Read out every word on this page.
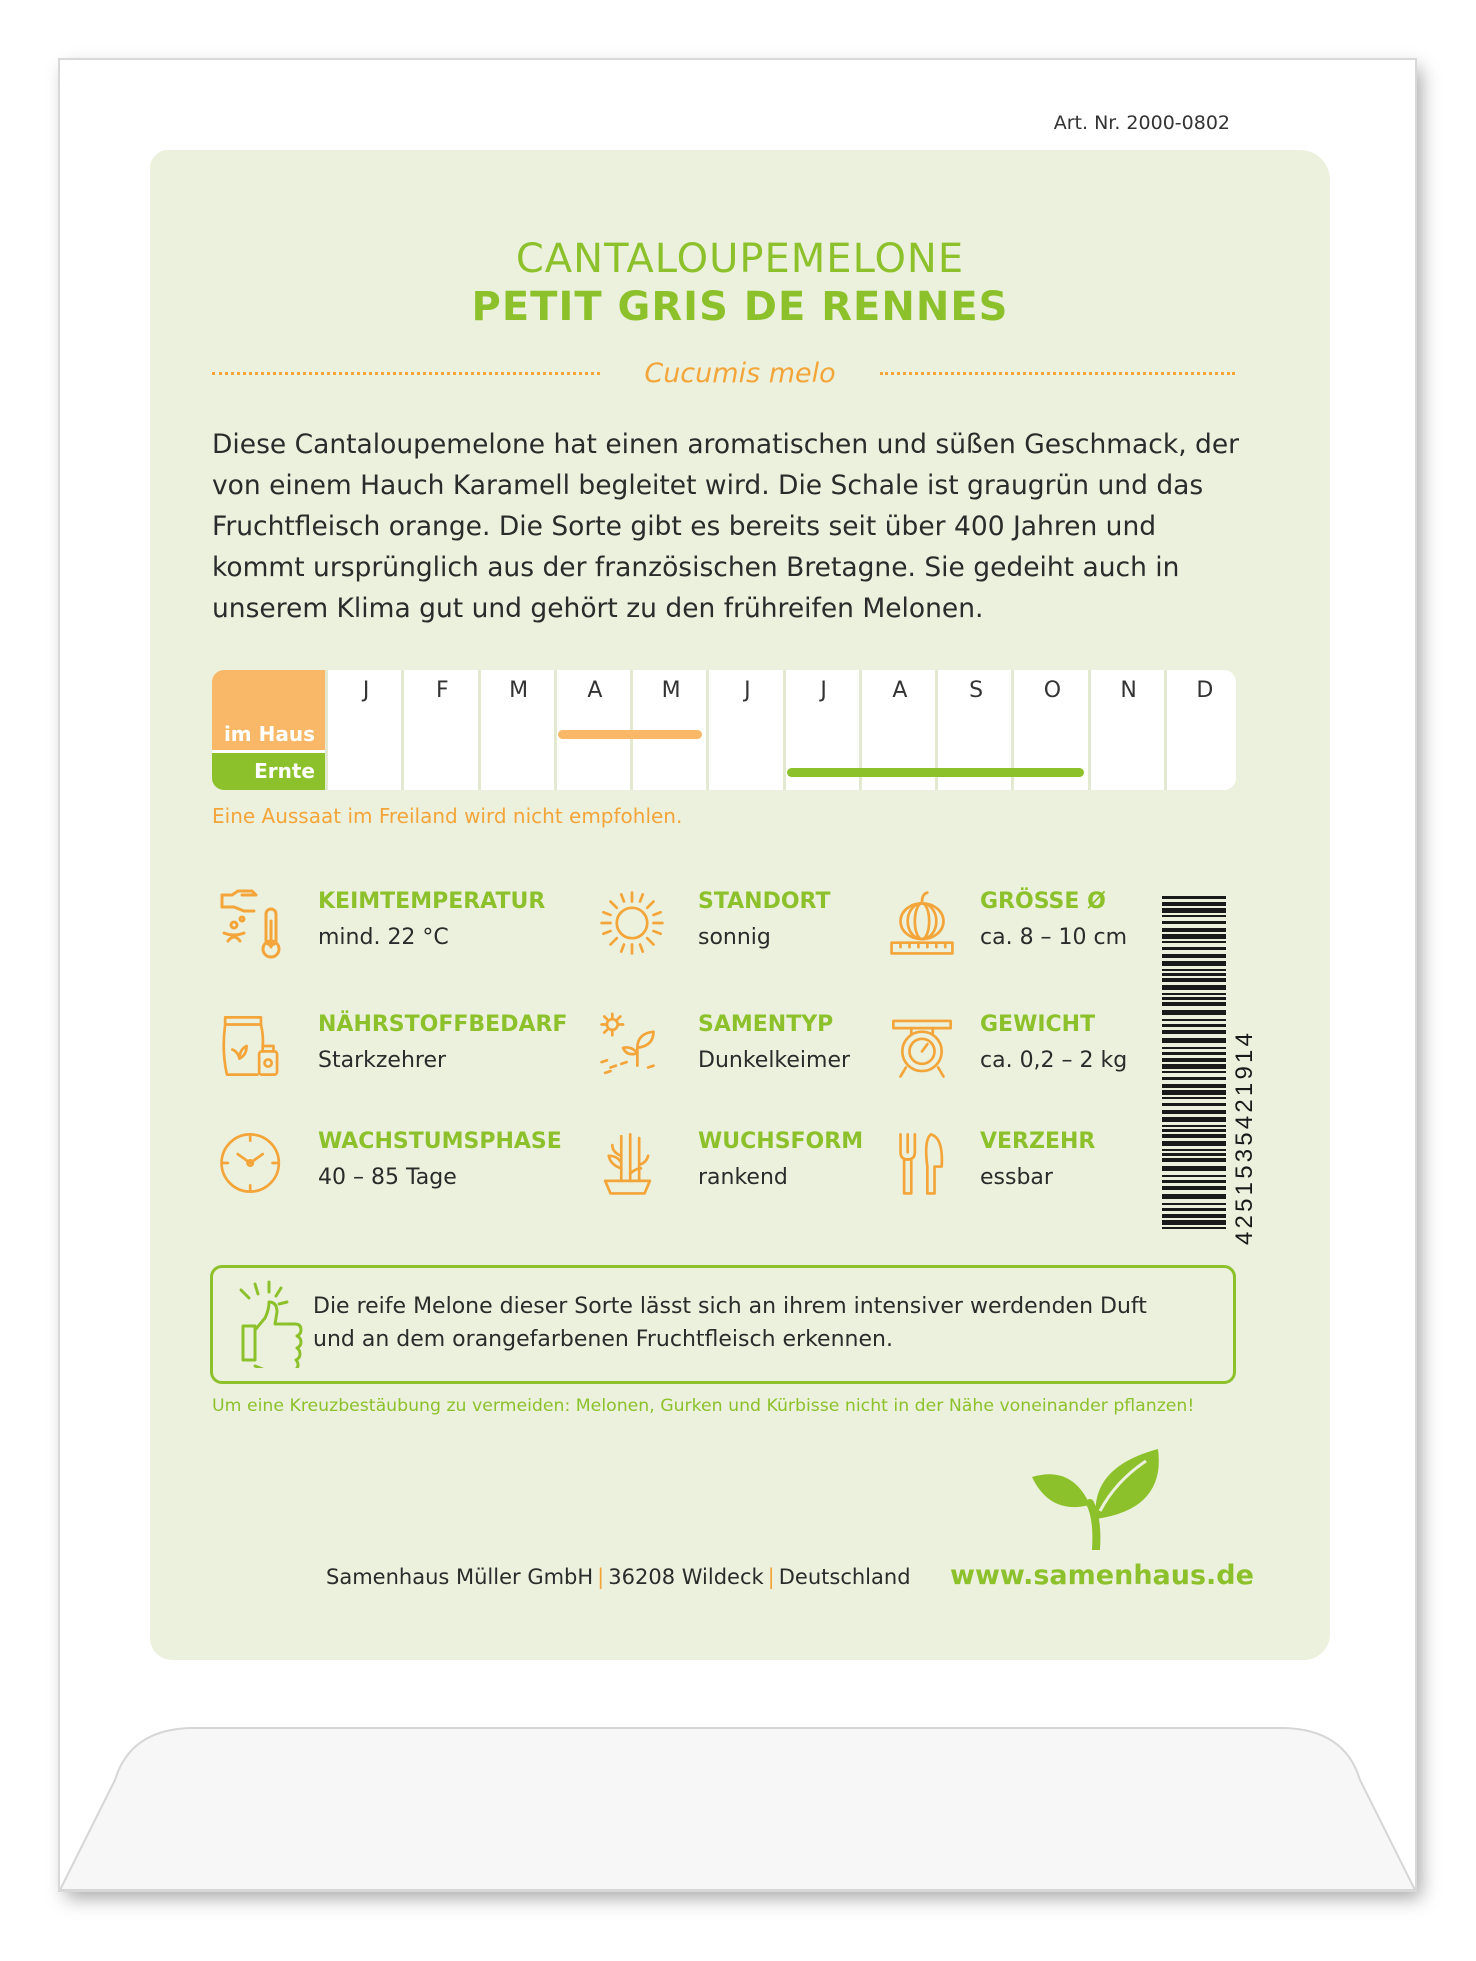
Art. Nr. 2000-0802
CANTALOUPEMELONE
PETIT GRIS DE RENNES
Cucumis melo
Diese Cantaloupemelone hat einen aromatischen und süßen Geschmack, der von einem Hauch Karamell begleitet wird. Die Schale ist graugrün und das Fruchtfleisch orange. Die Sorte gibt es bereits seit über 400 Jahren und kommt ursprünglich aus der französischen Bretagne. Sie gedeiht auch in unserem Klima gut und gehört zu den frühreifen Melonen.
im Haus
Ernte
J	F	M	A	M	J	J	A	S	O	N	D
Eine Aussaat im Freiland wird nicht empfohlen.
KEIMTEMPERATUR
mind. 22 °C
STANDORT
sonnig
GRÖSSE Ø
ca. 8 – 10 cm
NÄHRSTOFFBEDARF
Starkzehrer
SAMENTYP
Dunkelkeimer
GEWICHT
ca. 0,2 – 2 kg
WACHSTUMSPHASE
40 – 85 Tage
WUCHSFORM
rankend
VERZEHR
essbar	4251535421914
Die reife Melone dieser Sorte lässt sich an ihrem intensiver werdenden Duft und an dem orangefarbenen Fruchtfleisch erkennen.
Um eine Kreuzbestäubung zu vermeiden: Melonen, Gurken und Kürbisse nicht in der Nähe voneinander pflanzen!
Samenhaus Müller GmbH | 36208 Wildeck | Deutschland www.samenhaus.de
